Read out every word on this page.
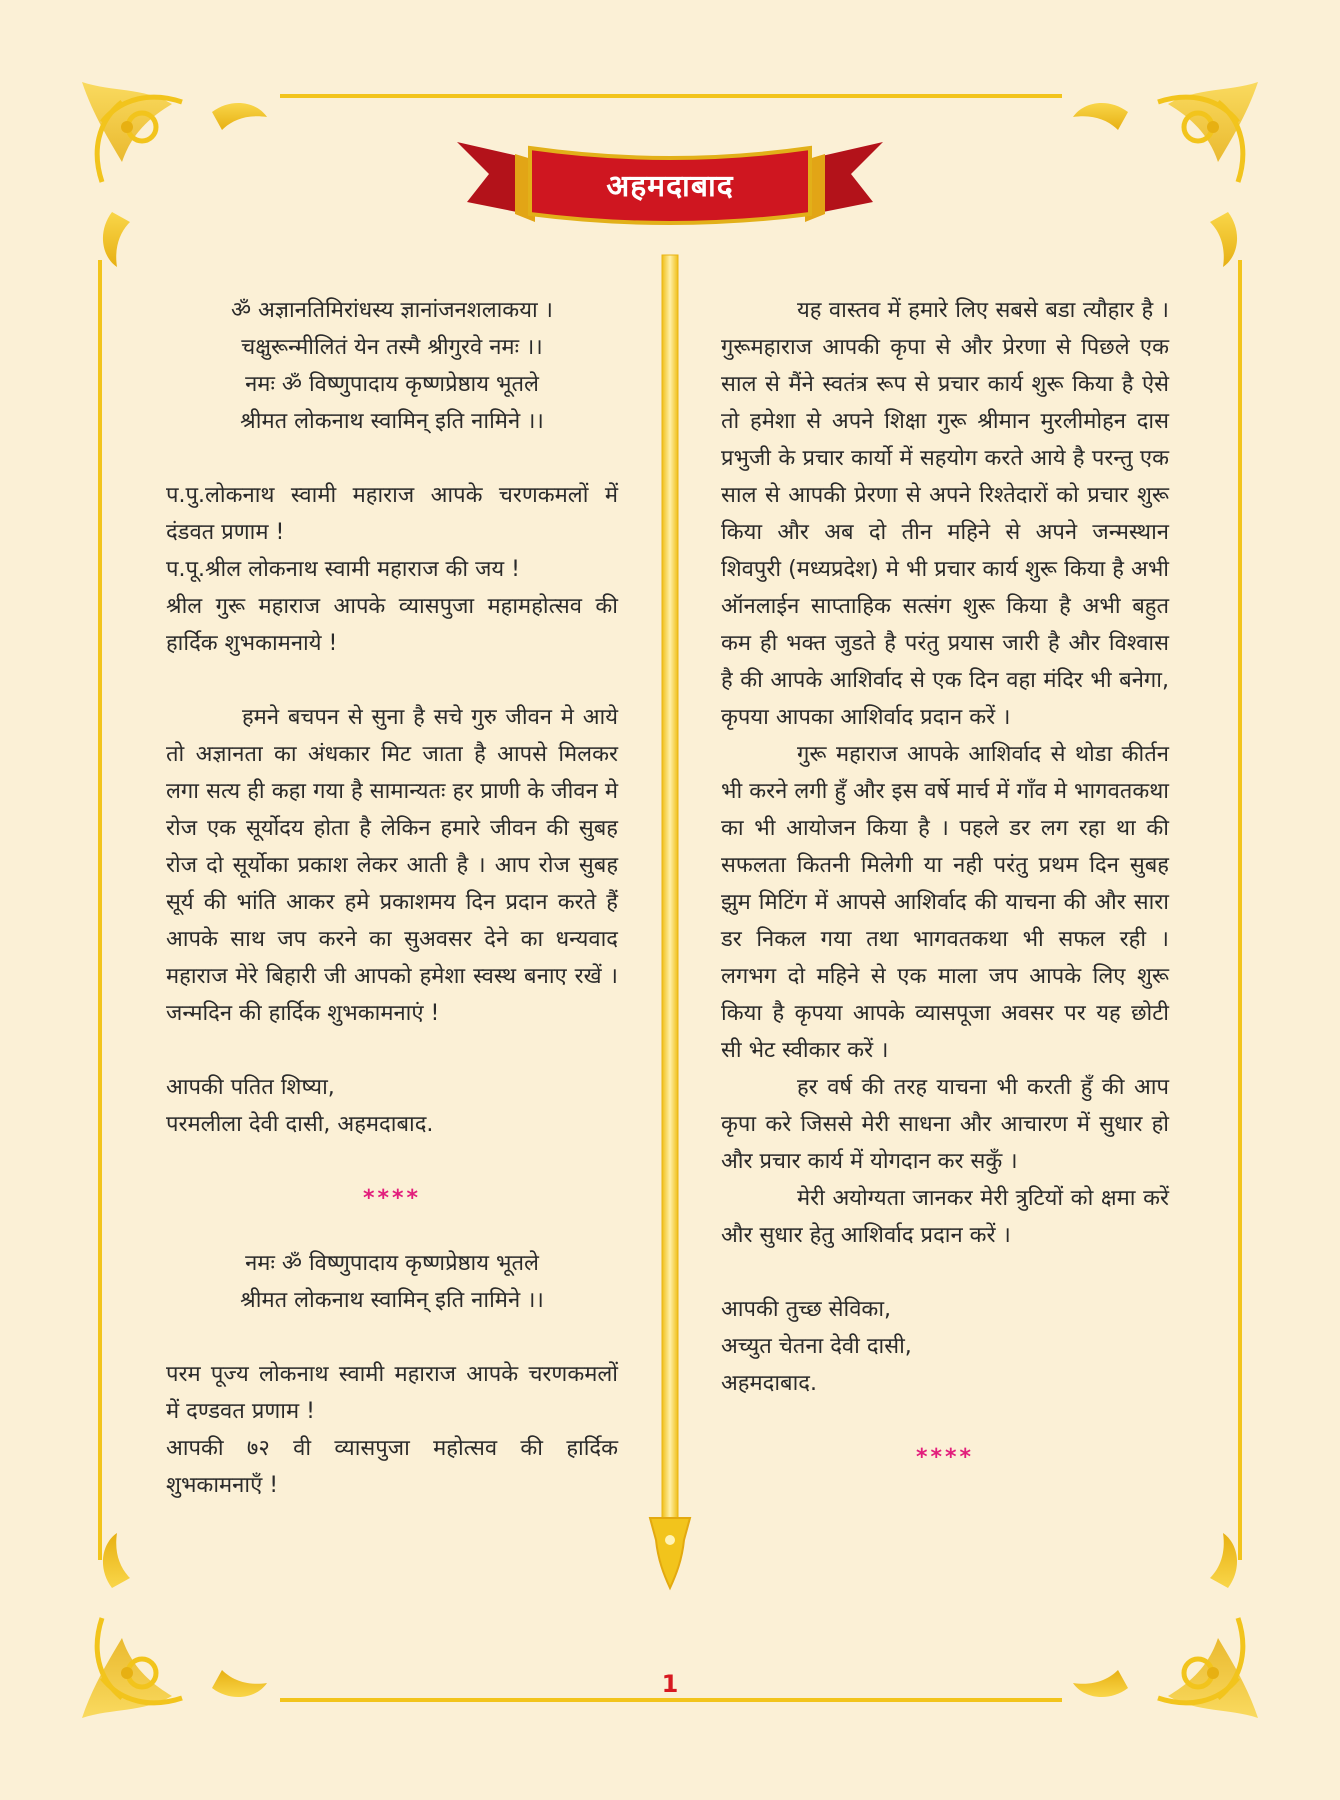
अहमदाबाद
ॐ अज्ञानतिमिरांधस्य ज्ञानांजनशलाकया ।
चक्षुरून्मीलितं येन तस्मै श्रीगुरवे नमः ।।
नमः ॐ विष्णुपादाय कृष्णप्रेष्ठाय भूतले
श्रीमत लोकनाथ स्वामिन् इति नामिने ।।
प.पु.लोकनाथ स्वामी महाराज आपके चरणकमलों में दंडवत प्रणाम !
प.पू.श्रील लोकनाथ स्वामी महाराज की जय !
श्रील गुरू महाराज आपके व्यासपुजा महामहोत्सव की हार्दिक शुभकामनाये !
हमने बचपन से सुना है सचे गुरु जीवन मे आये तो अज्ञानता का अंधकार मिट जाता है आपसे मिलकर लगा सत्य ही कहा गया है सामान्यतः हर प्राणी के जीवन मे रोज एक सूर्योदय होता है लेकिन हमारे जीवन की सुबह रोज दो सूर्योका प्रकाश लेकर आती है । आप रोज सुबह सूर्य की भांति आकर हमे प्रकाशमय दिन प्रदान करते हैं आपके साथ जप करने का सुअवसर देने का धन्यवाद महाराज मेरे बिहारी जी आपको हमेशा स्वस्थ बनाए रखें । जन्मदिन की हार्दिक शुभकामनाएं !
आपकी पतित शिष्या,
परमलीला देवी दासी, अहमदाबाद.
****
नमः ॐ विष्णुपादाय कृष्णप्रेष्ठाय भूतले
श्रीमत लोकनाथ स्वामिन् इति नामिने ।।
परम पूज्य लोकनाथ स्वामी महाराज आपके चरणकमलों में दण्डवत प्रणाम !
आपकी ७२ वी व्यासपुजा महोत्सव की हार्दिक शुभकामनाएँ !
यह वास्तव में हमारे लिए सबसे बडा त्यौहार है । गुरूमहाराज आपकी कृपा से और प्रेरणा से पिछले एक साल से मैंने स्वतंत्र रूप से प्रचार कार्य शुरू किया है ऐसे तो हमेशा से अपने शिक्षा गुरू श्रीमान मुरलीमोहन दास प्रभुजी के प्रचार कार्यो में सहयोग करते आये है परन्तु एक साल से आपकी प्रेरणा से अपने रिश्तेदारों को प्रचार शुरू किया और अब दो तीन महिने से अपने जन्मस्थान शिवपुरी (मध्यप्रदेश) मे भी प्रचार कार्य शुरू किया है अभी ऑनलाईन साप्ताहिक सत्संग शुरू किया है अभी बहुत कम ही भक्त जुडते है परंतु प्रयास जारी है और विश्वास है की आपके आशिर्वाद से एक दिन वहा मंदिर भी बनेगा, कृपया आपका आशिर्वाद प्रदान करें ।
गुरू महाराज आपके आशिर्वाद से थोडा कीर्तन भी करने लगी हुँ और इस वर्षे मार्च में गाँव मे भागवतकथा का भी आयोजन किया है । पहले डर लग रहा था की सफलता कितनी मिलेगी या नही परंतु प्रथम दिन सुबह झुम मिटिंग में आपसे आशिर्वाद की याचना की और सारा डर निकल गया तथा भागवतकथा भी सफल रही । लगभग दो महिने से एक माला जप आपके लिए शुरू किया है कृपया आपके व्यासपूजा अवसर पर यह छोटी सी भेट स्वीकार करें ।
हर वर्ष की तरह याचना भी करती हुँ की आप कृपा करे जिससे मेरी साधना और आचारण में सुधार हो और प्रचार कार्य में योगदान कर सकुँ ।
मेरी अयोग्यता जानकर मेरी त्रुटियों को क्षमा करें और सुधार हेतु आशिर्वाद प्रदान करें ।
आपकी तुच्छ सेविका,
अच्युत चेतना देवी दासी,
अहमदाबाद.
****
1
